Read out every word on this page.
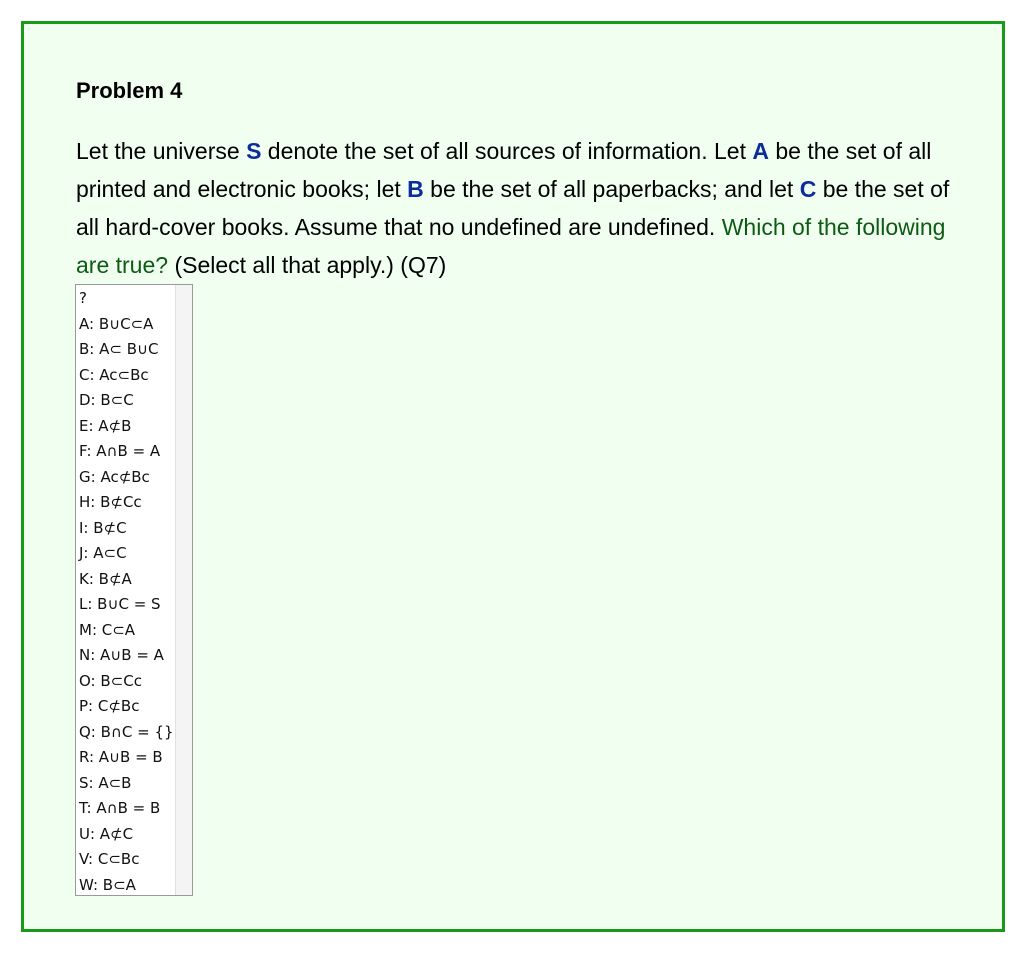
Problem 4

Let the universe S denote the set of all sources of information. Let A be the set of all printed and electronic books; let B be the set of all paperbacks; and let C be the set of all hard-cover books. Assume that no undefined are undefined. Which of the following are true? (Select all that apply.) (Q7)

?
A: B∪C⊂A
B: A⊂ B∪C
C: Ac⊂Bc
D: B⊂C
E: A⊄B
F: A∩B = A
G: Ac⊄Bc
H: B⊄Cc
I: B⊄C
J: A⊂C
K: B⊄A
L: B∪C = S
M: C⊂A
N: A∪B = A
O: B⊂Cc
P: C⊄Bc
Q: B∩C = {}
R: A∪B = B
S: A⊂B
T: A∩B = B
U: A⊄C
V: C⊂Bc
W: B⊂A
